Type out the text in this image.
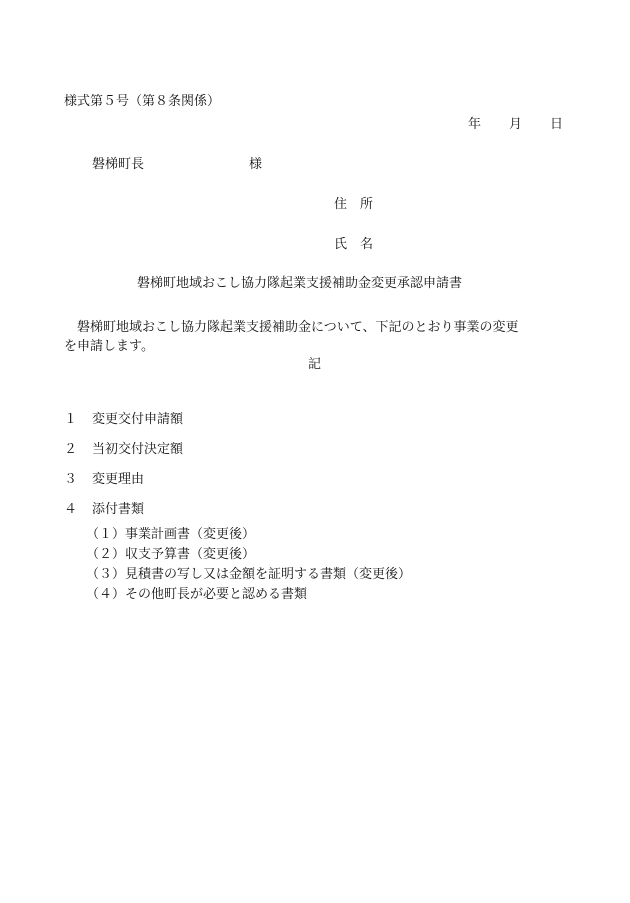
様式第５号（第８条関係）
年 月 日
磐梯町長	様
住　所
氏　名
磐梯町地域おこし協力隊起業支援補助金変更承認申請書
　磐梯町地域おこし協力隊起業支援補助金について、下記のとおり事業の変更
を申請します。
記
１ 変更交付申請額
２ 当初交付決定額
３ 変更理由
４ 添付書類
（１）事業計画書（変更後）
（２）収支予算書（変更後）
（３）見積書の写し又は金額を証明する書類（変更後）
（４）その他町長が必要と認める書類
